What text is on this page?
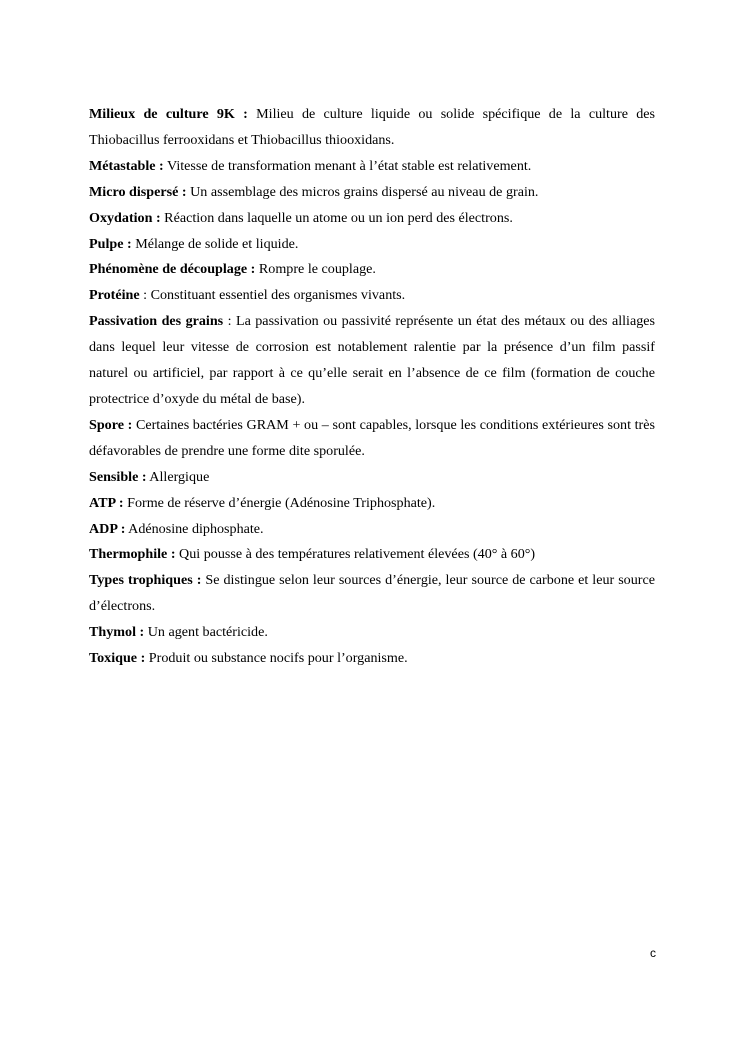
Milieux de culture 9K : Milieu de culture liquide ou solide spécifique de la culture des Thiobacillus ferrooxidans et Thiobacillus thiooxidans.

Métastable : Vitesse de transformation menant à l’état stable est relativement.

Micro dispersé : Un assemblage des micros grains dispersé au niveau de grain.

Oxydation : Réaction dans laquelle un atome ou un ion perd des électrons.

Pulpe : Mélange de solide et liquide.

Phénomène de découplage : Rompre le couplage.

Protéine : Constituant essentiel des organismes vivants.

Passivation des grains : La passivation ou passivité représente un état des métaux ou des alliages dans lequel leur vitesse de corrosion est notablement ralentie par la présence d’un film passif naturel ou artificiel, par rapport à ce qu’elle serait en l’absence de ce film (formation de couche protectrice d’oxyde du métal de base).

Spore : Certaines bactéries GRAM + ou – sont capables, lorsque les conditions extérieures sont très défavorables de prendre une forme dite sporulée.

Sensible : Allergique

ATP : Forme de réserve d’énergie (Adénosine Triphosphate).

ADP : Adénosine diphosphate.

Thermophile : Qui pousse à des températures relativement élevées (40° à 60°)

Types trophiques : Se distingue selon leur sources d’énergie, leur source de carbone et leur source d’électrons.

Thymol : Un agent bactéricide.

Toxique : Produit ou substance nocifs pour l’organisme.

c
